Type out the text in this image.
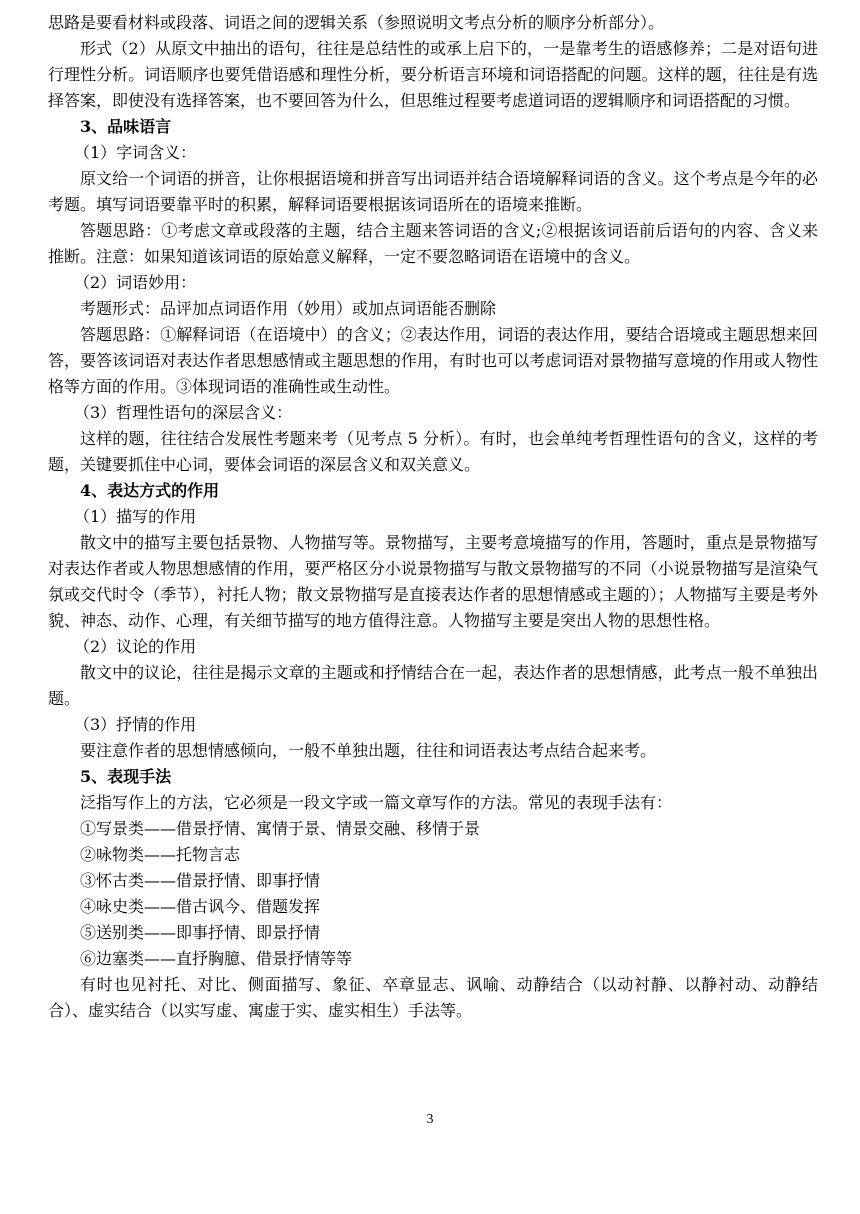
思路是要看材料或段落、词语之间的逻辑关系（参照说明文考点分析的顺序分析部分）。

形式（2）从原文中抽出的语句，往往是总结性的或承上启下的，一是靠考生的语感修养；二是对语句进行理性分析。词语顺序也要凭借语感和理性分析，要分析语言环境和词语搭配的问题。这样的题，往往是有选择答案，即使没有选择答案，也不要回答为什么，但思维过程要考虑道词语的逻辑顺序和词语搭配的习惯。

3、品味语言

（1）字词含义：

原文给一个词语的拼音，让你根据语境和拼音写出词语并结合语境解释词语的含义。这个考点是今年的必考题。填写词语要靠平时的积累，解释词语要根据该词语所在的语境来推断。

答题思路：①考虑文章或段落的主题，结合主题来答词语的含义;②根据该词语前后语句的内容、含义来推断。注意：如果知道该词语的原始意义解释，一定不要忽略词语在语境中的含义。

（2）词语妙用：

考题形式：品评加点词语作用（妙用）或加点词语能否删除

答题思路：①解释词语（在语境中）的含义；②表达作用，词语的表达作用，要结合语境或主题思想来回答，要答该词语对表达作者思想感情或主题思想的作用，有时也可以考虑词语对景物描写意境的作用或人物性格等方面的作用。③体现词语的准确性或生动性。

（3）哲理性语句的深层含义：

这样的题，往往结合发展性考题来考（见考点 5 分析）。有时，也会单纯考哲理性语句的含义，这样的考题，关键要抓住中心词，要体会词语的深层含义和双关意义。

4、表达方式的作用

（1）描写的作用

散文中的描写主要包括景物、人物描写等。景物描写，主要考意境描写的作用，答题时，重点是景物描写对表达作者或人物思想感情的作用，要严格区分小说景物描写与散文景物描写的不同（小说景物描写是渲染气氛或交代时令（季节），衬托人物；散文景物描写是直接表达作者的思想情感或主题的）；人物描写主要是考外貌、神态、动作、心理，有关细节描写的地方值得注意。人物描写主要是突出人物的思想性格。

（2）议论的作用

散文中的议论，往往是揭示文章的主题或和抒情结合在一起，表达作者的思想情感，此考点一般不单独出题。

（3）抒情的作用

要注意作者的思想情感倾向，一般不单独出题，往往和词语表达考点结合起来考。

5、表现手法

泛指写作上的方法，它必须是一段文字或一篇文章写作的方法。常见的表现手法有：

①写景类——借景抒情、寓情于景、情景交融、移情于景

②咏物类——托物言志

③怀古类——借景抒情、即事抒情

④咏史类——借古讽今、借题发挥

⑤送别类——即事抒情、即景抒情

⑥边塞类——直抒胸臆、借景抒情等等

有时也见衬托、对比、侧面描写、象征、卒章显志、讽喻、动静结合（以动衬静、以静衬动、动静结合）、虚实结合（以实写虚、寓虚于实、虚实相生）手法等。

3
